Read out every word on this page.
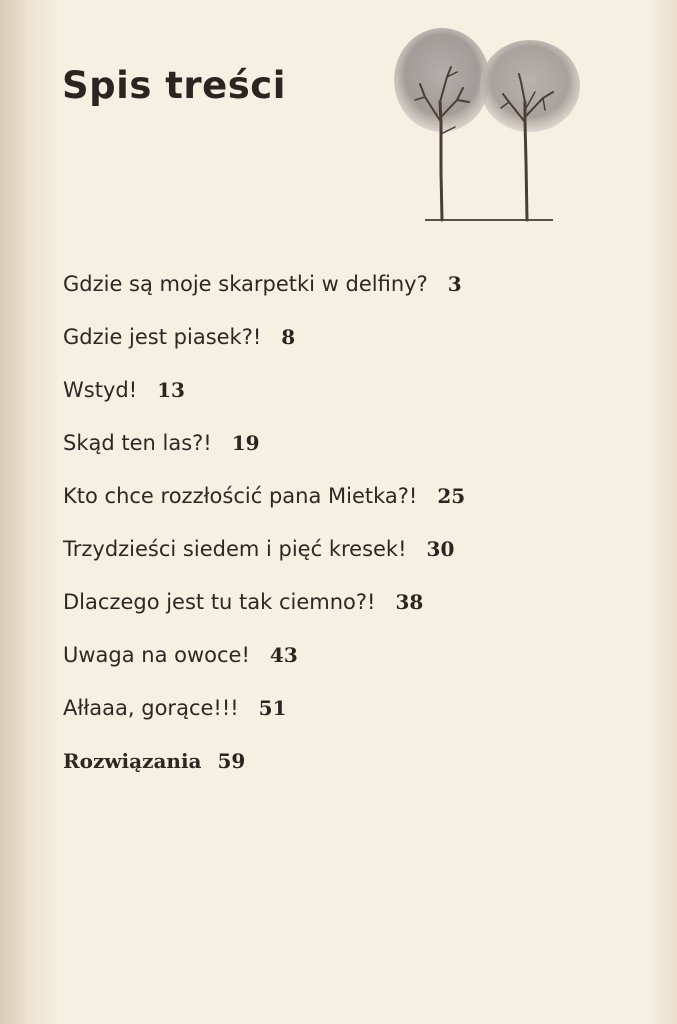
Spis treści
Gdzie są moje skarpetki w delfiny? 3
Gdzie jest piasek?! 8
Wstyd! 13
Skąd ten las?! 19
Kto chce rozzłościć pana Mietka?! 25
Trzydzieści siedem i pięć kresek! 30
Dlaczego jest tu tak ciemno?! 38
Uwaga na owoce! 43
Ałłaaa, gorące!!! 51
Rozwiązania 59
